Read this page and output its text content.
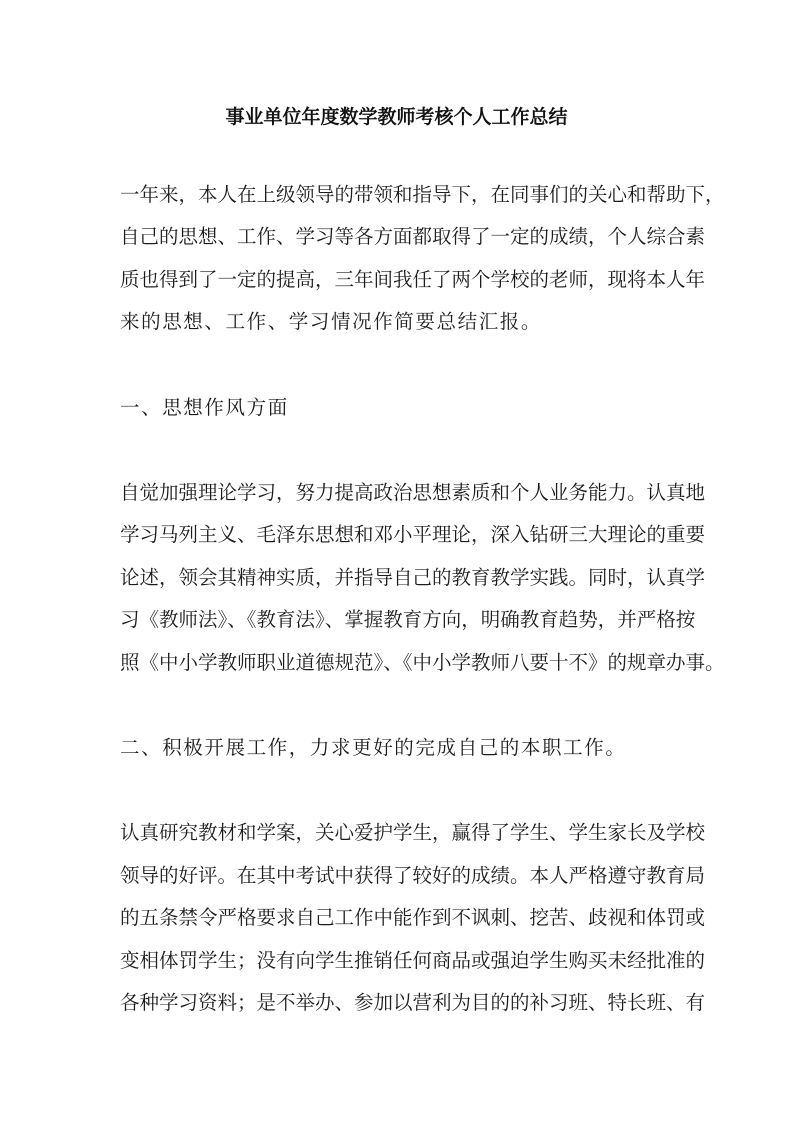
事业单位年度数学教师考核个人工作总结
一年来，本人在上级领导的带领和指导下，在同事们的关心和帮助下，
自己的思想、工作、学习等各方面都取得了一定的成绩，个人综合素
质也得到了一定的提高，三年间我任了两个学校的老师，现将本人年
来的思想、工作、学习情况作简要总结汇报。
一、思想作风方面
自觉加强理论学习，努力提高政治思想素质和个人业务能力。认真地
学习马列主义、毛泽东思想和邓小平理论，深入钻研三大理论的重要
论述，领会其精神实质，并指导自己的教育教学实践。同时，认真学
习《教师法》、《教育法》、掌握教育方向，明确教育趋势，并严格按
照《中小学教师职业道德规范》、《中小学教师八要十不》的规章办事。
二、积极开展工作，力求更好的完成自己的本职工作。
认真研究教材和学案，关心爱护学生，赢得了学生、学生家长及学校
领导的好评。在其中考试中获得了较好的成绩。本人严格遵守教育局
的五条禁令严格要求自己工作中能作到不讽刺、挖苦、歧视和体罚或
变相体罚学生；没有向学生推销任何商品或强迫学生购买未经批准的
各种学习资料；是不举办、参加以营利为目的的补习班、特长班、有
